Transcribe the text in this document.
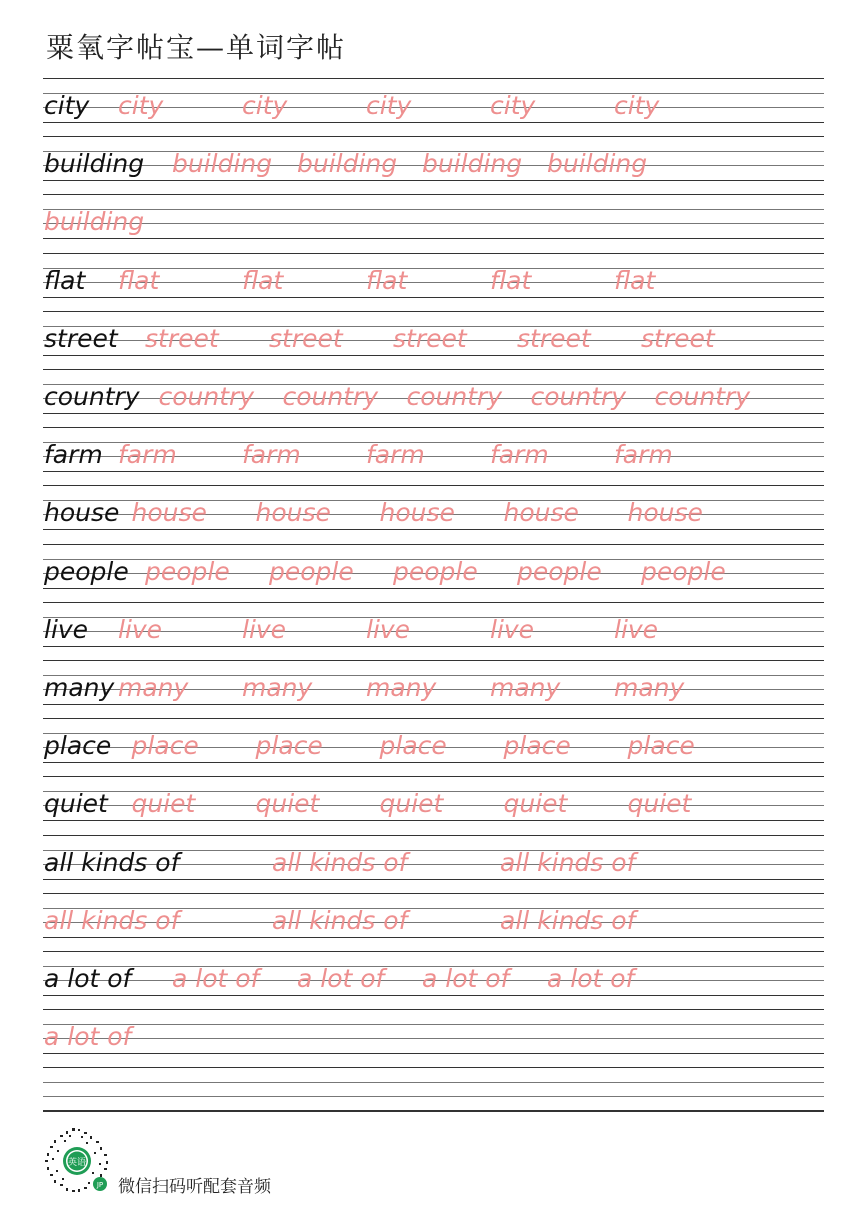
粟氧字帖宝—单词字帖
city city	city	city	city	city
building building building building building
building
flat flat	flat	flat	flat	flat
street street street street street street
country country country country country country
farm farm	farm	farm	farm	farm
house house house house house house
people people people people people people
live live	live	live	live	live
many many many many many many
place place place place place place
quiet quiet quiet quiet quiet quiet
all kinds of	all kinds of	all kinds of
all kinds of	all kinds of	all kinds of
a lot of a lot of a lot of a lot of a lot of
a lot of
英语
JP 微信扫码听配套音频
